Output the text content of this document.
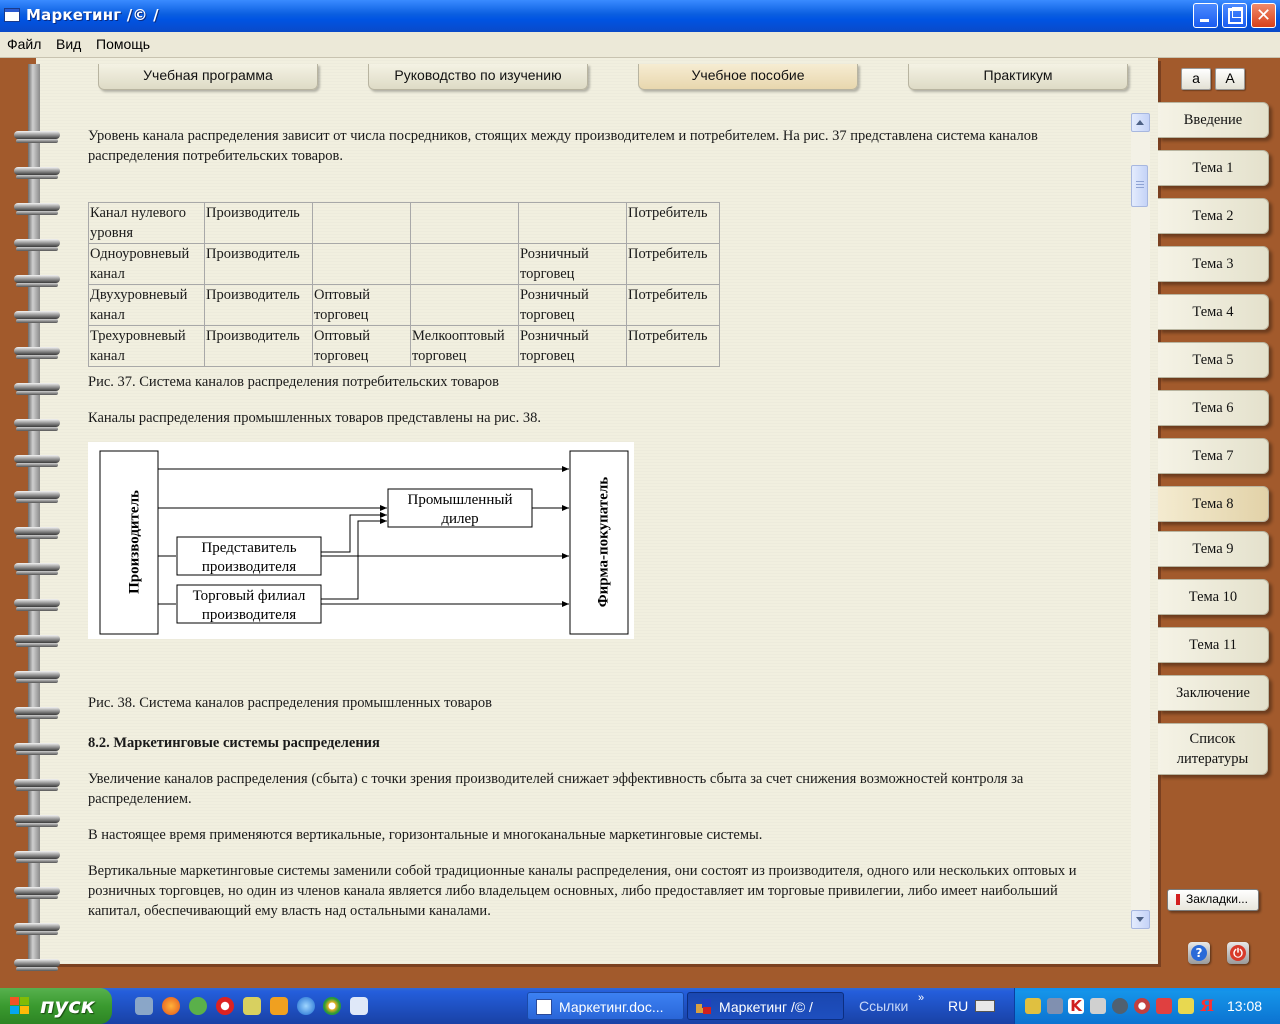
Маркетинг /© /	✕
Файл Вид Помощь
Учебная программа	Руководство по изучению	Учебное пособие	Практикум	a	A

Уровень канала распределения зависит от числа посредников, стоящих между производителем и потребителем. На рис. 37 представлена система каналов распределения потребительских товаров.

Канал нулевого уровня	Производитель				Потребитель
Одноуровневый канал	Производитель			Розничный торговец	Потребитель
Двухуровневый канал	Производитель	Оптовый торговец		Розничный торговец	Потребитель
Трехуровневый канал	Производитель	Оптовый торговец	Мелкооптовый торговец	Розничный торговец	Потребитель

Рис. 37. Система каналов распределения потребительских товаров

Каналы распределения промышленных товаров представлены на рис. 38.

Производитель	Фирма-покупатель
Промышленный
дилер
Представитель
производителя
Торговый филиал
производителя

Рис. 38. Система каналов распределения промышленных товаров

8.2. Маркетинговые системы распределения

Увеличение каналов распределения (сбыта) с точки зрения производителей снижает эффективность сбыта за счет снижения возможностей контроля за распределением.

В настоящее время применяются вертикальные, горизонтальные и многоканальные маркетинговые системы.

Вертикальные маркетинговые системы заменили собой традиционные каналы распределения, они состоят из производителя, одного или нескольких оптовых и розничных торговцев, но один из членов канала является либо владельцем основных, либо предоставляет им торговые привилегии, либо имеет наибольший капитал, обеспечивающий ему власть над остальными каналами.

Введение
Тема 1
Тема 2
Тема 3
Тема 4
Тема 5
Тема 6
Тема 7
Тема 8
Тема 9
Тема 10
Тема 11
Заключение
Список литературы
Закладки...
?	⏻
пуск	Маркетинг.doc...	Маркетинг /© /	Ссылки » RU	K	Я 13:08
